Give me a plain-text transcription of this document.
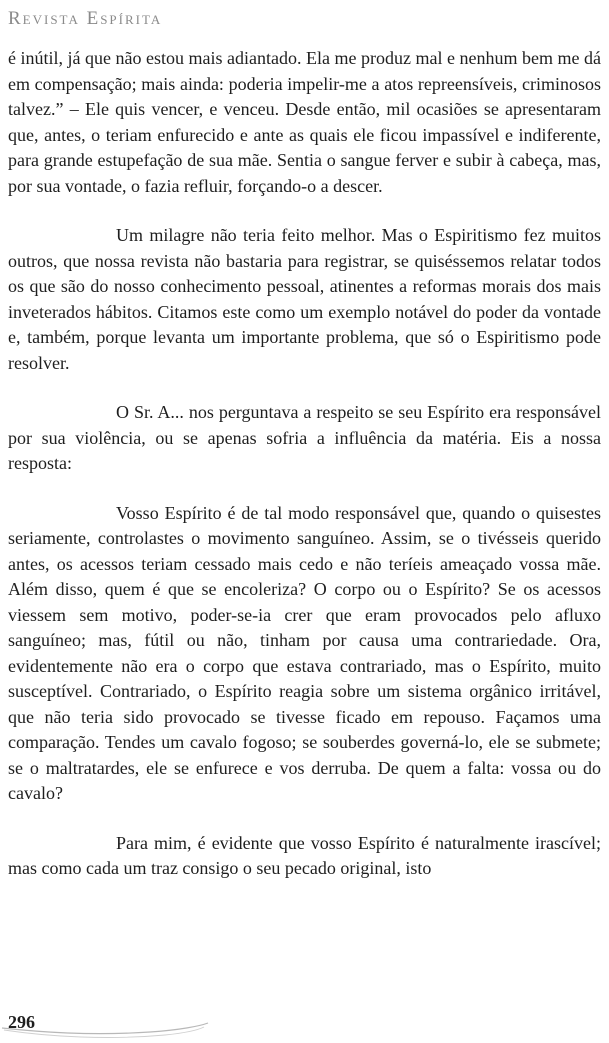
Revista Espírita

é inútil, já que não estou mais adiantado. Ela me produz mal e nenhum bem me dá em compensação; mais ainda: poderia impelir-me a atos repreensíveis, criminosos talvez.” – Ele quis vencer, e venceu. Desde então, mil ocasiões se apresentaram que, antes, o teriam enfurecido e ante as quais ele ficou impassível e indiferente, para grande estupefação de sua mãe. Sentia o sangue ferver e subir à cabeça, mas, por sua vontade, o fazia refluir, forçando-o a descer.

Um milagre não teria feito melhor. Mas o Espiritismo fez muitos outros, que nossa revista não bastaria para registrar, se quiséssemos relatar todos os que são do nosso conhecimento pessoal, atinentes a reformas morais dos mais inveterados hábitos. Citamos este como um exemplo notável do poder da vontade e, também, porque levanta um importante problema, que só o Espiritismo pode resolver.

O Sr. A... nos perguntava a respeito se seu Espírito era responsável por sua violência, ou se apenas sofria a influência da matéria. Eis a nossa resposta:

Vosso Espírito é de tal modo responsável que, quando o quisestes seriamente, controlastes o movimento sanguíneo. Assim, se o tivésseis querido antes, os acessos teriam cessado mais cedo e não teríeis ameaçado vossa mãe. Além disso, quem é que se encoleriza? O corpo ou o Espírito? Se os acessos viessem sem motivo, poder-se-ia crer que eram provocados pelo afluxo sanguíneo; mas, fútil ou não, tinham por causa uma contrariedade. Ora, evidentemente não era o corpo que estava contrariado, mas o Espírito, muito susceptível. Contrariado, o Espírito reagia sobre um sistema orgânico irritável, que não teria sido provocado se tivesse ficado em repouso. Façamos uma comparação. Tendes um cavalo fogoso; se souberdes governá-lo, ele se submete; se o maltratardes, ele se enfurece e vos derruba. De quem a falta: vossa ou do cavalo?

Para mim, é evidente que vosso Espírito é naturalmente irascível; mas como cada um traz consigo o seu pecado original, isto

296
